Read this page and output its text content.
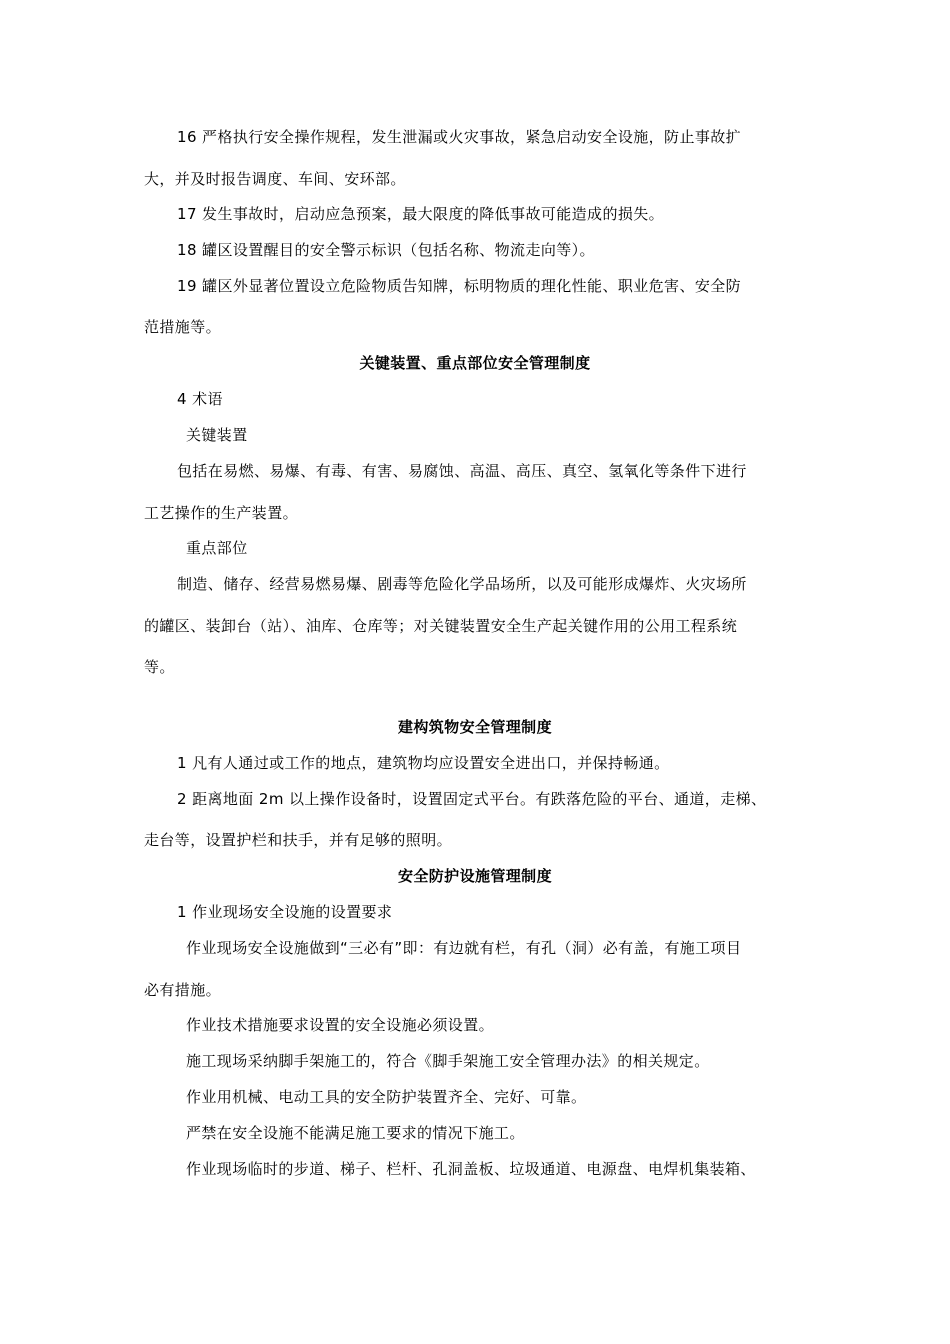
16 严格执行安全操作规程，发生泄漏或火灾事故，紧急启动安全设施，防止事故扩
大，并及时报告调度、车间、安环部。
17 发生事故时，启动应急预案，最大限度的降低事故可能造成的损失。
18 罐区设置醒目的安全警示标识（包括名称、物流走向等）。
19 罐区外显著位置设立危险物质告知牌，标明物质的理化性能、职业危害、安全防
范措施等。
关键装置、重点部位安全管理制度
4 术语
关键装置
包括在易燃、易爆、有毒、有害、易腐蚀、高温、高压、真空、氢氧化等条件下进行
工艺操作的生产装置。
重点部位
制造、储存、经营易燃易爆、剧毒等危险化学品场所，以及可能形成爆炸、火灾场所
的罐区、装卸台（站）、油库、仓库等；对关键装置安全生产起关键作用的公用工程系统
等。
建构筑物安全管理制度
1 凡有人通过或工作的地点，建筑物均应设置安全进出口，并保持畅通。
2 距离地面 2m 以上操作设备时，设置固定式平台。有跌落危险的平台、通道，走梯、
走台等，设置护栏和扶手，并有足够的照明。
安全防护设施管理制度
1 作业现场安全设施的设置要求
作业现场安全设施做到“三必有”即：有边就有栏，有孔（洞）必有盖，有施工项目
必有措施。
作业技术措施要求设置的安全设施必须设置。
施工现场采纳脚手架施工的，符合《脚手架施工安全管理办法》的相关规定。
作业用机械、电动工具的安全防护装置齐全、完好、可靠。
严禁在安全设施不能满足施工要求的情况下施工。
作业现场临时的步道、梯子、栏杆、孔洞盖板、垃圾通道、电源盘、电焊机集装箱、
